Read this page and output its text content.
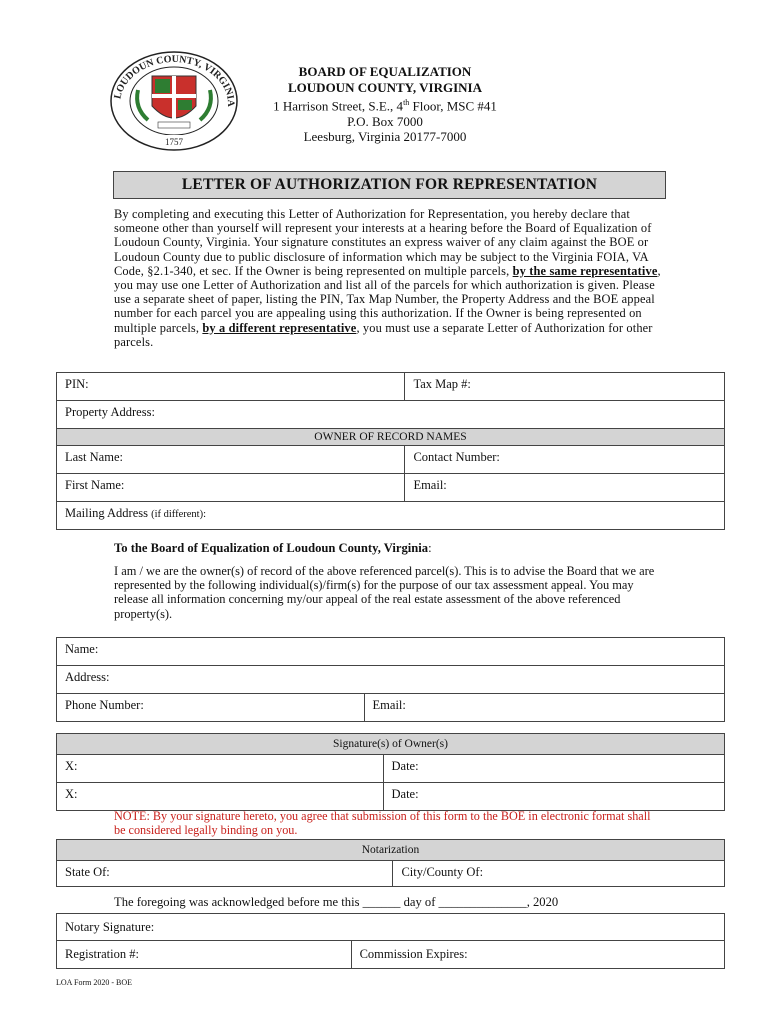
LOUDOUN COUNTY, VIRGINIA
1757
BOARD OF EQUALIZATION
LOUDOUN COUNTY, VIRGINIA
1 Harrison Street, S.E., 4th Floor, MSC #41
P.O. Box 7000
Leesburg, Virginia 20177-7000
LETTER OF AUTHORIZATION FOR REPRESENTATION
By completing and executing this Letter of Authorization for Representation, you hereby declare that someone other than yourself will represent your interests at a hearing before the Board of Equalization of Loudoun County, Virginia. Your signature constitutes an express waiver of any claim against the BOE or Loudoun County due to public disclosure of information which may be subject to the Virginia FOIA, VA Code, §2.1-340, et sec. If the Owner is being represented on multiple parcels, by the same representative, you may use one Letter of Authorization and list all of the parcels for which authorization is given. Please use a separate sheet of paper, listing the PIN, Tax Map Number, the Property Address and the BOE appeal number for each parcel you are appealing using this authorization. If the Owner is being represented on multiple parcels, by a different representative, you must use a separate Letter of Authorization for other parcels.
PIN:	Tax Map #:
Property Address:	
OWNER OF RECORD NAMES	
Last Name:	Contact Number:
First Name:	Email:
Mailing Address (if different):	
To the Board of Equalization of Loudoun County, Virginia:
I am / we are the owner(s) of record of the above referenced parcel(s). This is to advise the Board that we are represented by the following individual(s)/firm(s) for the purpose of our tax assessment appeal. You may release all information concerning my/our appeal of the real estate assessment of the above referenced property(s).
Name:
Address:
Phone Number:	Email:
Signature(s) of Owner(s)	
X:	Date:
X:	Date:
NOTE: By your signature hereto, you agree that submission of this form to the BOE in electronic format shall be considered legally binding on you.
Notarization
State Of:	City/County Of:
The foregoing was acknowledged before me this ______ day of ______________, 2020
Notary Signature:
Registration #:	Commission Expires:
LOA Form 2020 - BOE
